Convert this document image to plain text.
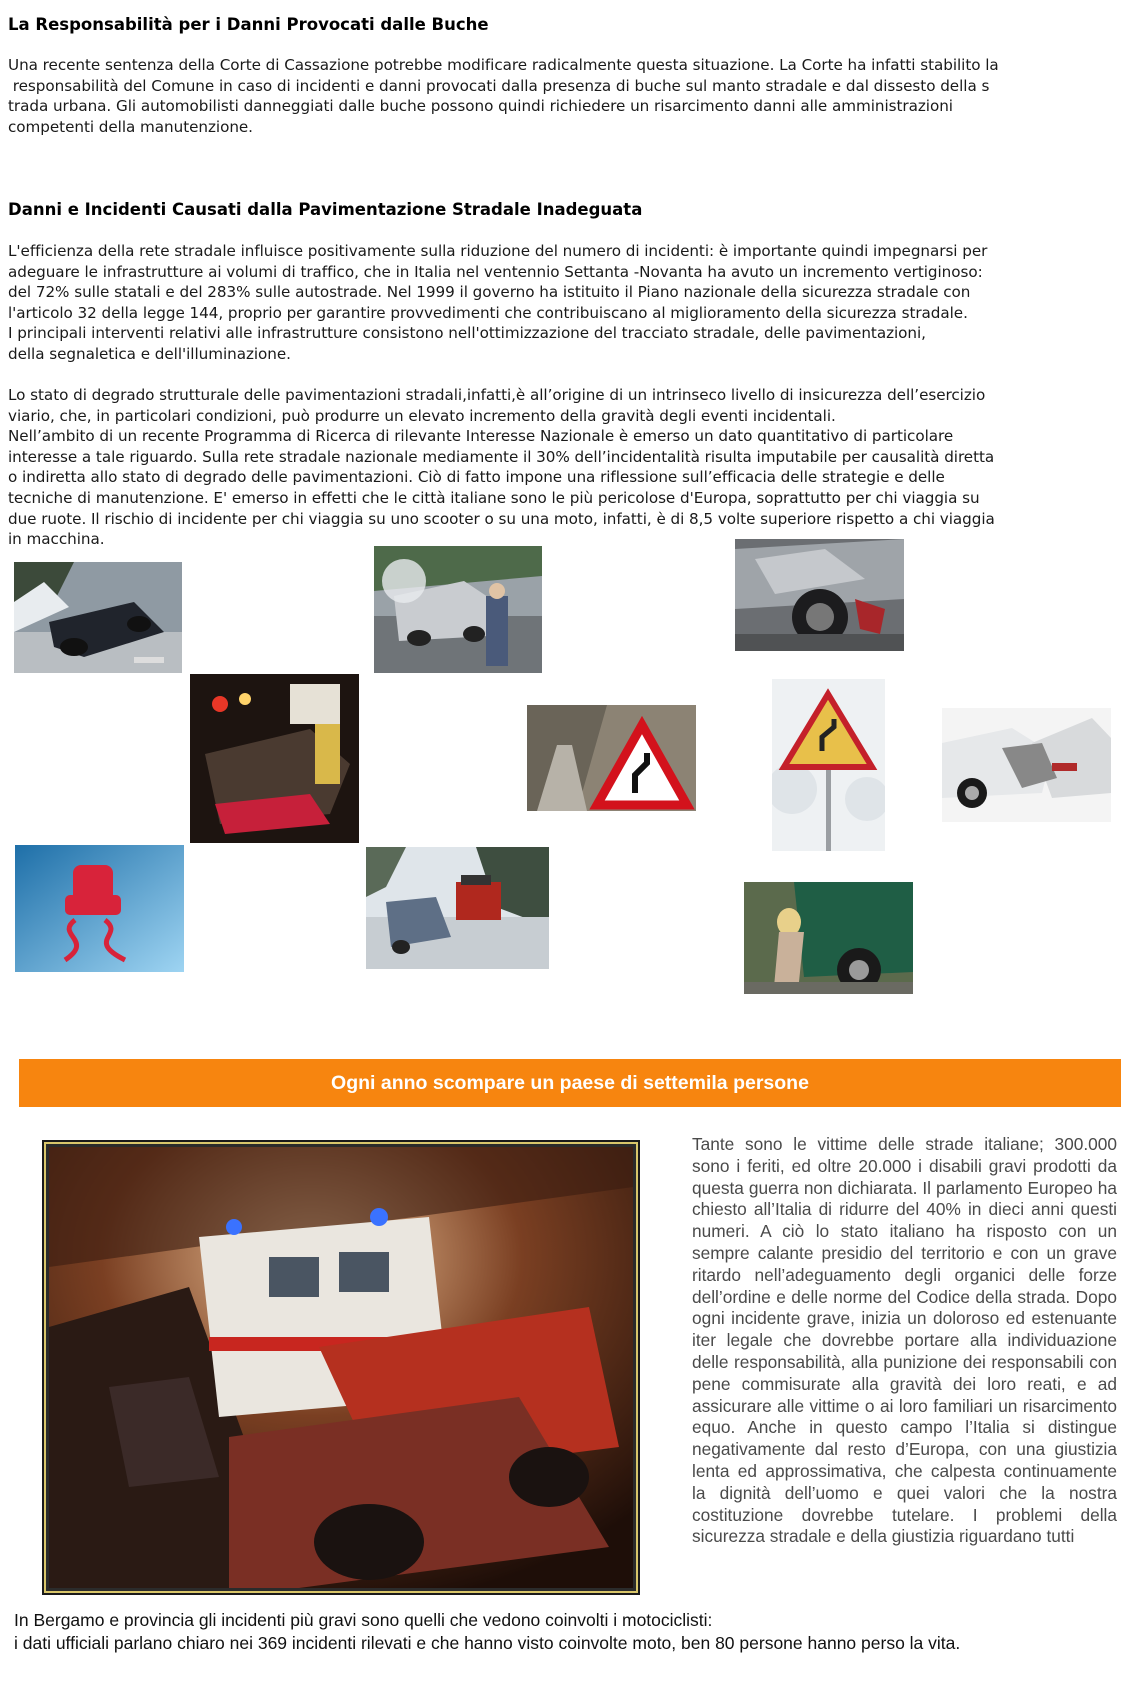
La Responsabilità per i Danni Provocati dalle Buche

Una recente sentenza della Corte di Cassazione potrebbe modificare radicalmente questa situazione. La Corte ha infatti stabilito la

responsabilità del Comune in caso di incidenti e danni provocati dalla presenza di buche sul manto stradale e dal dissesto della s

trada urbana. Gli automobilisti danneggiati dalle buche possono quindi richiedere un risarcimento danni alle amministrazioni

competenti della manutenzione.

Danni e Incidenti Causati dalla Pavimentazione Stradale Inadeguata

L'efficienza della rete stradale influisce positivamente sulla riduzione del numero di incidenti: è importante quindi impegnarsi per

adeguare le infrastrutture ai volumi di traffico, che in Italia nel ventennio Settanta -Novanta ha avuto un incremento vertiginoso:

del 72% sulle statali e del 283% sulle autostrade. Nel 1999 il governo ha istituito il Piano nazionale della sicurezza stradale con

l'articolo 32 della legge 144, proprio per garantire provvedimenti che contribuiscano al miglioramento della sicurezza stradale.

I principali interventi relativi alle infrastrutture consistono nell'ottimizzazione del tracciato stradale, delle pavimentazioni,

della segnaletica e dell'illuminazione.

Lo stato di degrado strutturale delle pavimentazioni stradali,infatti,è all’origine di un intrinseco livello di insicurezza dell’esercizio

viario, che, in particolari condizioni, può produrre un elevato incremento della gravità degli eventi incidentali.

Nell’ambito di un recente Programma di Ricerca di rilevante Interesse Nazionale è emerso un dato quantitativo di particolare

interesse a tale riguardo. Sulla rete stradale nazionale mediamente il 30% dell’incidentalità risulta imputabile per causalità diretta

o indiretta allo stato di degrado delle pavimentazioni. Ciò di fatto impone una riflessione sull’efficacia delle strategie e delle

tecniche di manutenzione. E' emerso in effetti che le città italiane sono le più pericolose d'Europa, soprattutto per chi viaggia su

due ruote. Il rischio di incidente per chi viaggia su uno scooter o su una moto, infatti, è di 8,5 volte superiore rispetto a chi viaggia

in macchina.

Ogni anno scompare un paese di settemila persone

Tante sono le vittime delle strade italiane; 300.000 sono i feriti, ed oltre 20.000 i disabili gravi prodotti da questa guerra non dichiarata. Il parlamento Europeo ha chiesto all’Italia di ridurre del 40% in dieci anni questi numeri. A ciò lo stato italiano ha risposto con un sempre calante presidio del territorio e con un grave ritardo nell’adeguamento degli organici delle forze dell’ordine e delle norme del Codice della strada. Dopo ogni incidente grave, inizia un doloroso ed estenuante iter legale che dovrebbe portare alla individuazione delle responsabilità, alla punizione dei responsabili con pene commisurate alla gravità dei loro reati, e ad assicurare alle vittime o ai loro familiari un risarcimento equo. Anche in questo campo l’Italia si distingue negativamente dal resto d’Europa, con una giustizia lenta ed approssimativa, che calpesta continuamente la dignità dell’uomo e quei valori che la nostra costituzione dovrebbe tutelare. I problemi della sicurezza stradale e della giustizia riguardano tutti

In Bergamo e provincia gli incidenti più gravi sono quelli che vedono coinvolti i motociclisti:

i dati ufficiali parlano chiaro nei 369 incidenti rilevati e che hanno visto coinvolte moto, ben 80 persone hanno perso la vita.
